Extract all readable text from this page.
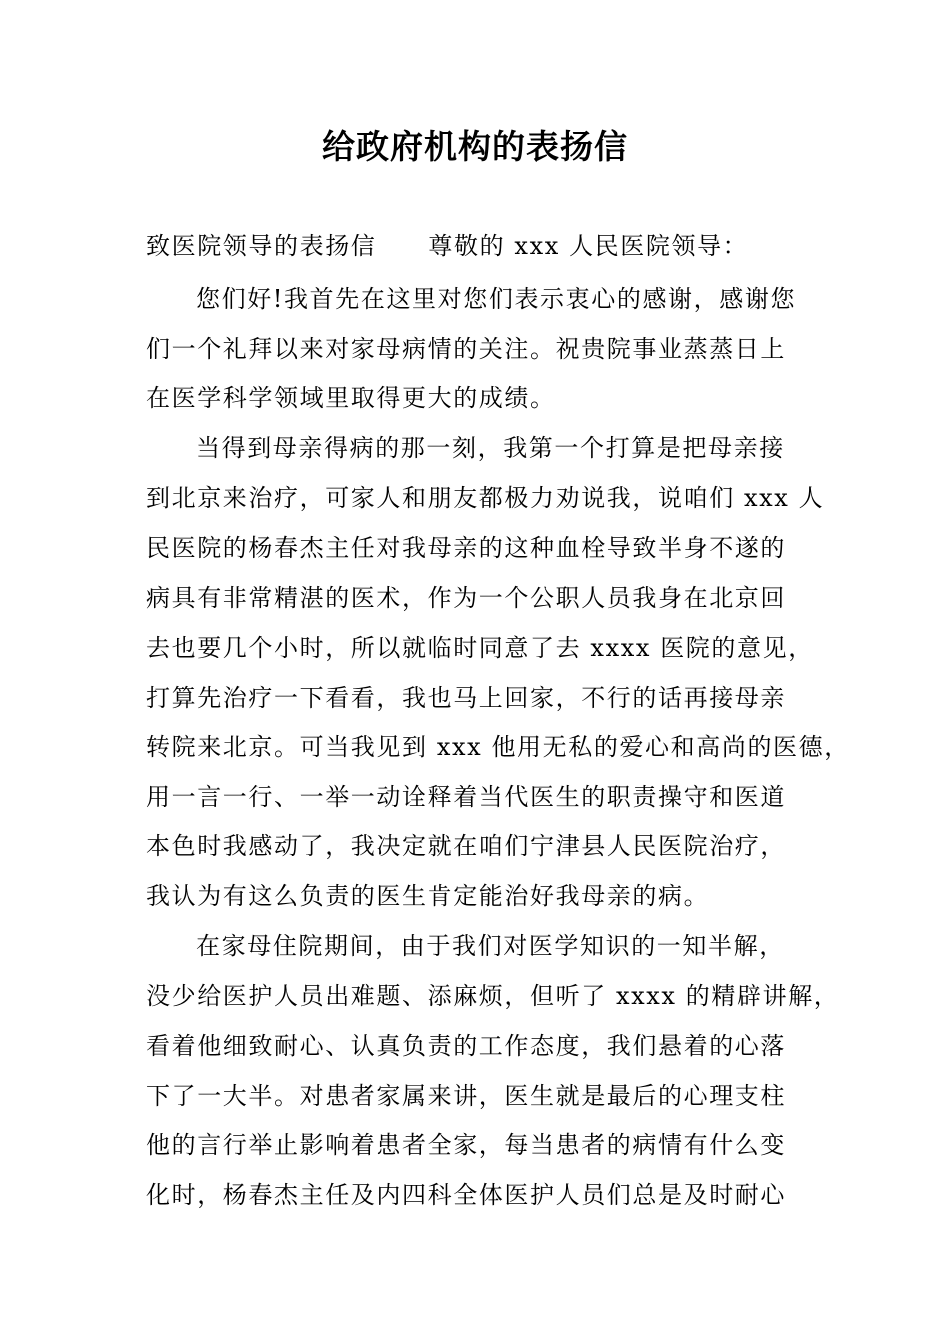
给政府机构的表扬信
致医院领导的表扬信 尊敬的 xxx 人民医院领导：
您们好!我首先在这里对您们表示衷心的感谢，感谢您
们一个礼拜以来对家母病情的关注。祝贵院事业蒸蒸日上
在医学科学领域里取得更大的成绩。
当得到母亲得病的那一刻，我第一个打算是把母亲接
到北京来治疗，可家人和朋友都极力劝说我，说咱们 xxx 人
民医院的杨春杰主任对我母亲的这种血栓导致半身不遂的
病具有非常精湛的医术，作为一个公职人员我身在北京回
去也要几个小时，所以就临时同意了去 xxxx 医院的意见，
打算先治疗一下看看，我也马上回家，不行的话再接母亲
转院来北京。可当我见到 xxx 他用无私的爱心和高尚的医德，
用一言一行、一举一动诠释着当代医生的职责操守和医道
本色时我感动了，我决定就在咱们宁津县人民医院治疗，
我认为有这么负责的医生肯定能治好我母亲的病。
在家母住院期间，由于我们对医学知识的一知半解，
没少给医护人员出难题、添麻烦，但听了 xxxx 的精辟讲解，
看着他细致耐心、认真负责的工作态度，我们悬着的心落
下了一大半。对患者家属来讲，医生就是最后的心理支柱
他的言行举止影响着患者全家，每当患者的病情有什么变
化时，杨春杰主任及内四科全体医护人员们总是及时耐心
